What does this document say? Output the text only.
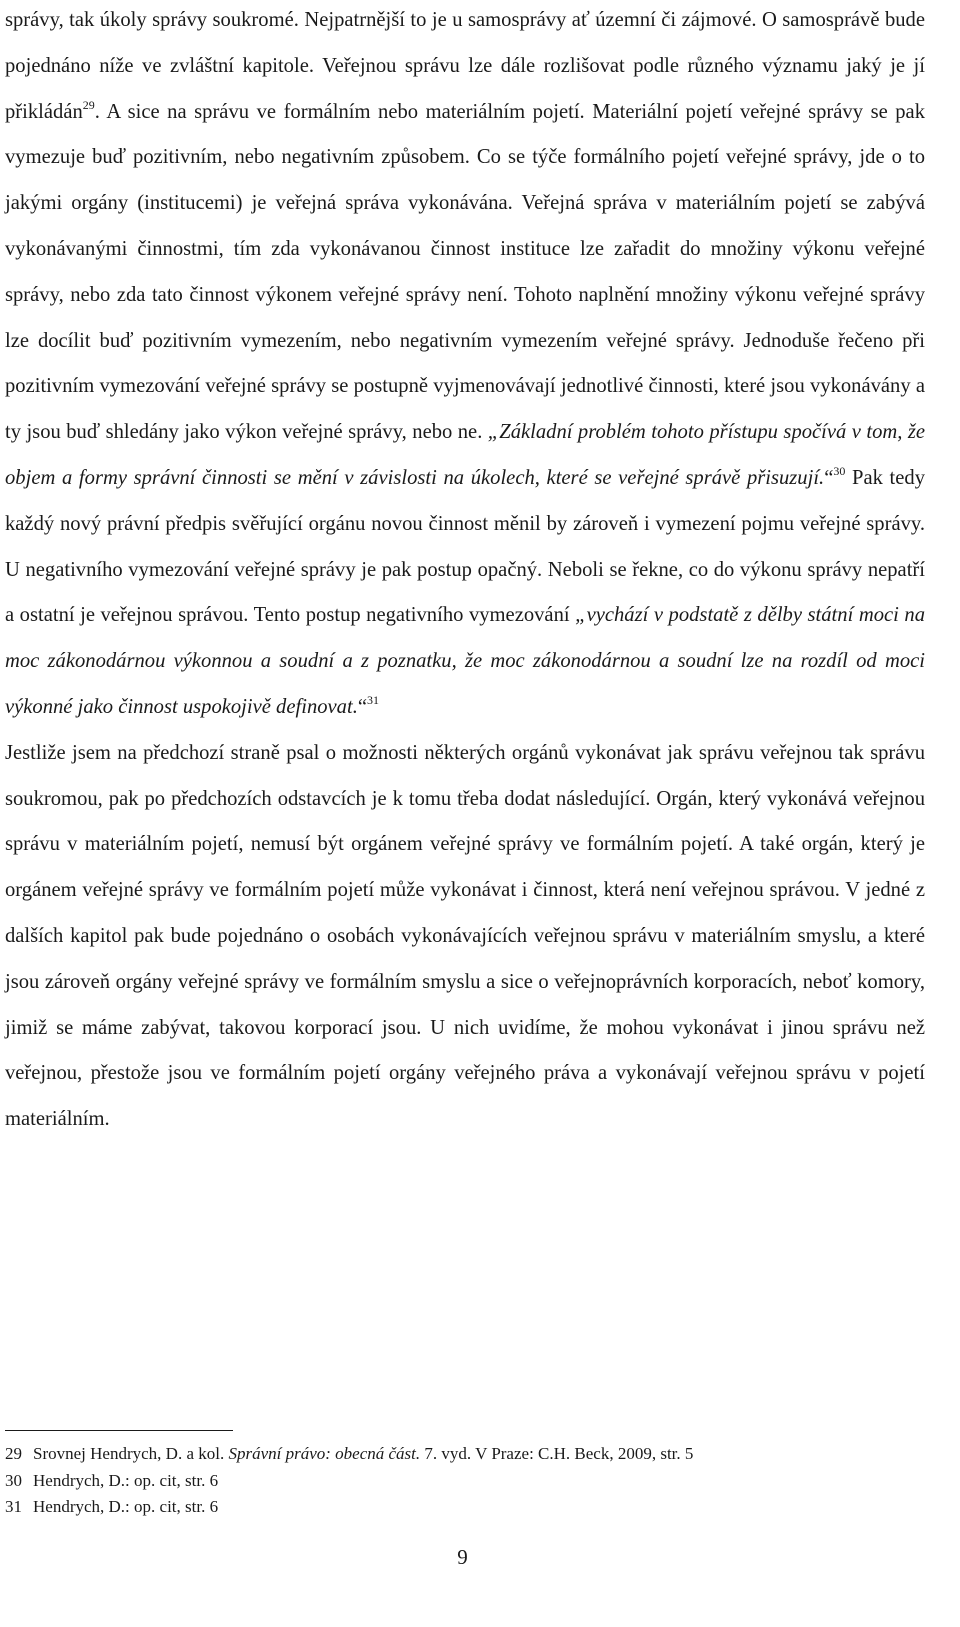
správy, tak úkoly správy soukromé. Nejpatrnější to je u samosprávy ať územní či zájmové. O samosprávě bude pojednáno níže ve zvláštní kapitole. Veřejnou správu lze dále rozlišovat podle různého významu jaký je jí přikládán$^{29}$. A sice na správu ve formálním nebo materiálním pojetí. Materiální pojetí veřejné správy se pak vymezuje buď pozitivním, nebo negativním způsobem. Co se týče formálního pojetí veřejné správy, jde o to jakými orgány (institucemi) je veřejná správa vykonávána. Veřejná správa v materiálním pojetí se zabývá vykonávanými činnostmi, tím zda vykonávanou činnost instituce lze zařadit do množiny výkonu veřejné správy, nebo zda tato činnost výkonem veřejné správy není. Tohoto naplnění množiny výkonu veřejné správy lze docílit buď pozitivním vymezením, nebo negativním vymezením veřejné správy. Jednoduše řečeno při pozitivním vymezování veřejné správy se postupně vyjmenovávají jednotlivé činnosti, které jsou vykonávány a ty jsou buď shledány jako výkon veřejné správy, nebo ne. „Základní problém tohoto přístupu spočívá v tom, že objem a formy správní činnosti se mění v závislosti na úkolech, které se veřejné správě přisuzují.“$^{30}$ Pak tedy každý nový právní předpis svěřující orgánu novou činnost měnil by zároveň i vymezení pojmu veřejné správy. U negativního vymezování veřejné správy je pak postup opačný. Neboli se řekne, co do výkonu správy nepatří a ostatní je veřejnou správou. Tento postup negativního vymezování „vychází v podstatě z dělby státní moci na moc zákonodárnou výkonnou a soudní a z poznatku, že moc zákonodárnou a soudní lze na rozdíl od moci výkonné jako činnost uspokojivě definovat.“$^{31}$

Jestliže jsem na předchozí straně psal o možnosti některých orgánů vykonávat jak správu veřejnou tak správu soukromou, pak po předchozích odstavcích je k tomu třeba dodat následující. Orgán, který vykonává veřejnou správu v materiálním pojetí, nemusí být orgánem veřejné správy ve formálním pojetí. A také orgán, který je orgánem veřejné správy ve formálním pojetí může vykonávat i činnost, která není veřejnou správou. V jedné z dalších kapitol pak bude pojednáno o osobách vykonávajících veřejnou správu v materiálním smyslu, a které jsou zároveň orgány veřejné správy ve formálním smyslu a sice o veřejnoprávních korporacích, neboť komory, jimiž se máme zabývat, takovou korporací jsou. U nich uvidíme, že mohou vykonávat i jinou správu než veřejnou, přestože jsou ve formálním pojetí orgány veřejného práva a vykonávají veřejnou správu v pojetí materiálním.

29 Srovnej Hendrych, D. a kol. Správní právo: obecná část. 7. vyd. V Praze: C.H. Beck, 2009, str. 5
30 Hendrych, D.: op. cit, str. 6
31 Hendrych, D.: op. cit, str. 6
9
